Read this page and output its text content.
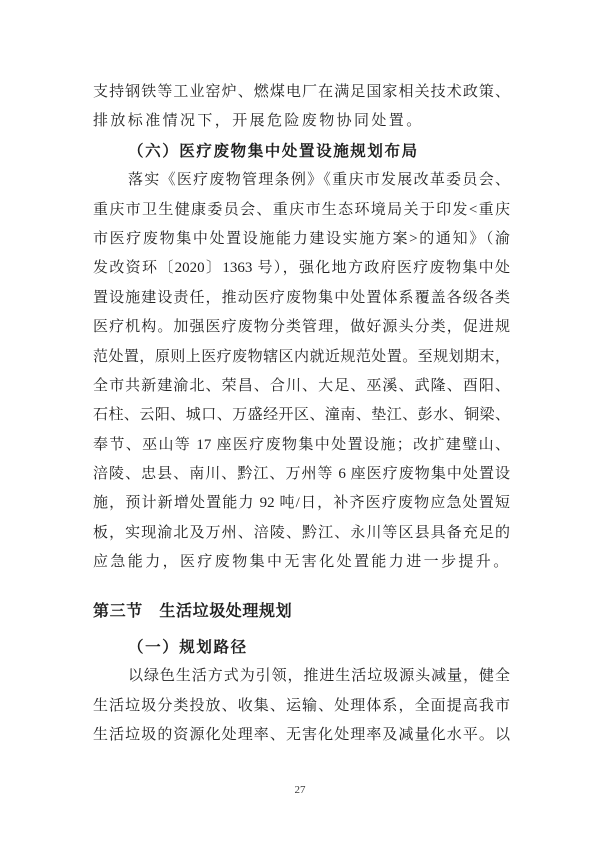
支持钢铁等工业窑炉、燃煤电厂在满足国家相关技术政策、
排放标准情况下，开展危险废物协同处置。
（六）医疗废物集中处置设施规划布局
落实《医疗废物管理条例》《重庆市发展改革委员会、
重庆市卫生健康委员会、重庆市生态环境局关于印发<重庆
市医疗废物集中处置设施能力建设实施方案>的通知》（渝
发改资环〔2020〕1363 号），强化地方政府医疗废物集中处
置设施建设责任，推动医疗废物集中处置体系覆盖各级各类
医疗机构。加强医疗废物分类管理，做好源头分类，促进规
范处置，原则上医疗废物辖区内就近规范处置。至规划期末，
全市共新建渝北、荣昌、合川、大足、巫溪、武隆、酉阳、
石柱、云阳、城口、万盛经开区、潼南、垫江、彭水、铜梁、
奉节、巫山等 17 座医疗废物集中处置设施；改扩建璧山、
涪陵、忠县、南川、黔江、万州等 6 座医疗废物集中处置设
施，预计新增处置能力 92 吨/日，补齐医疗废物应急处置短
板，实现渝北及万州、涪陵、黔江、永川等区县具备充足的
应急能力，医疗废物集中无害化处置能力进一步提升。
第三节　生活垃圾处理规划
（一）规划路径
以绿色生活方式为引领，推进生活垃圾源头减量，健全
生活垃圾分类投放、收集、运输、处理体系，全面提高我市
生活垃圾的资源化处理率、无害化处理率及减量化水平。以
27
